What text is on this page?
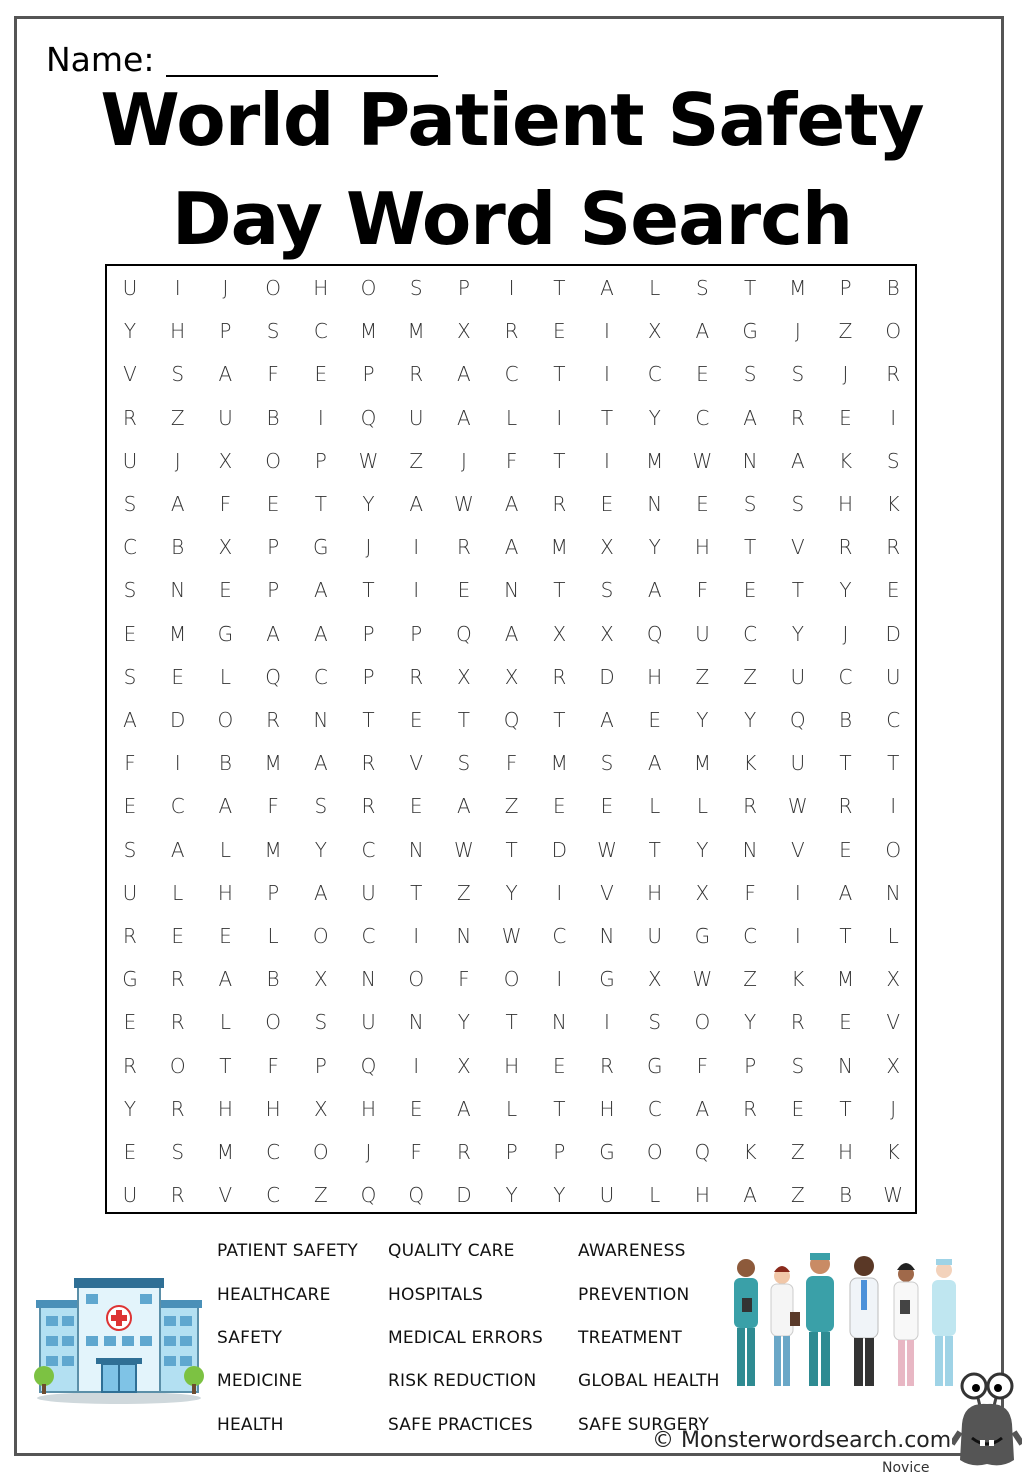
Name:
World Patient Safety
Day Word Search
U	I	J	O	H	O	S	P	I	T	A	L	S	T	M	P	B
Y	H	P	S	C	M	M	X	R	E	I	X	A	G	J	Z	O
V	S	A	F	E	P	R	A	C	T	I	C	E	S	S	J	R
R	Z	U	B	I	Q	U	A	L	I	T	Y	C	A	R	E	I
U	J	X	O	P	W	Z	J	F	T	I	M	W	N	A	K	S
S	A	F	E	T	Y	A	W	A	R	E	N	E	S	S	H	K
C	B	X	P	G	J	I	R	A	M	X	Y	H	T	V	R	R
S	N	E	P	A	T	I	E	N	T	S	A	F	E	T	Y	E
E	M	G	A	A	P	P	Q	A	X	X	Q	U	C	Y	J	D
S	E	L	Q	C	P	R	X	X	R	D	H	Z	Z	U	C	U
A	D	O	R	N	T	E	T	Q	T	A	E	Y	Y	Q	B	C
F	I	B	M	A	R	V	S	F	M	S	A	M	K	U	T	T
E	C	A	F	S	R	E	A	Z	E	E	L	L	R	W	R	I
S	A	L	M	Y	C	N	W	T	D	W	T	Y	N	V	E	O
U	L	H	P	A	U	T	Z	Y	I	V	H	X	F	I	A	N
R	E	E	L	O	C	I	N	W	C	N	U	G	C	I	T	L
G	R	A	B	X	N	O	F	O	I	G	X	W	Z	K	M	X
E	R	L	O	S	U	N	Y	T	N	I	S	O	Y	R	E	V
R	O	T	F	P	Q	I	X	H	E	R	G	F	P	S	N	X
Y	R	H	H	X	H	E	A	L	T	H	C	A	R	E	T	J
E	S	M	C	O	J	F	R	P	P	G	O	Q	K	Z	H	K
U	R	V	C	Z	Q	Q	D	Y	Y	U	L	H	A	Z	B	W
PATIENT SAFETY
HEALTHCARE
SAFETY
MEDICINE
HEALTH
QUALITY CARE
HOSPITALS
MEDICAL ERRORS
RISK REDUCTION
SAFE PRACTICES
AWARENESS
PREVENTION
TREATMENT
GLOBAL HEALTH
SAFE SURGERY
© Monsterwordsearch.com
Novice
